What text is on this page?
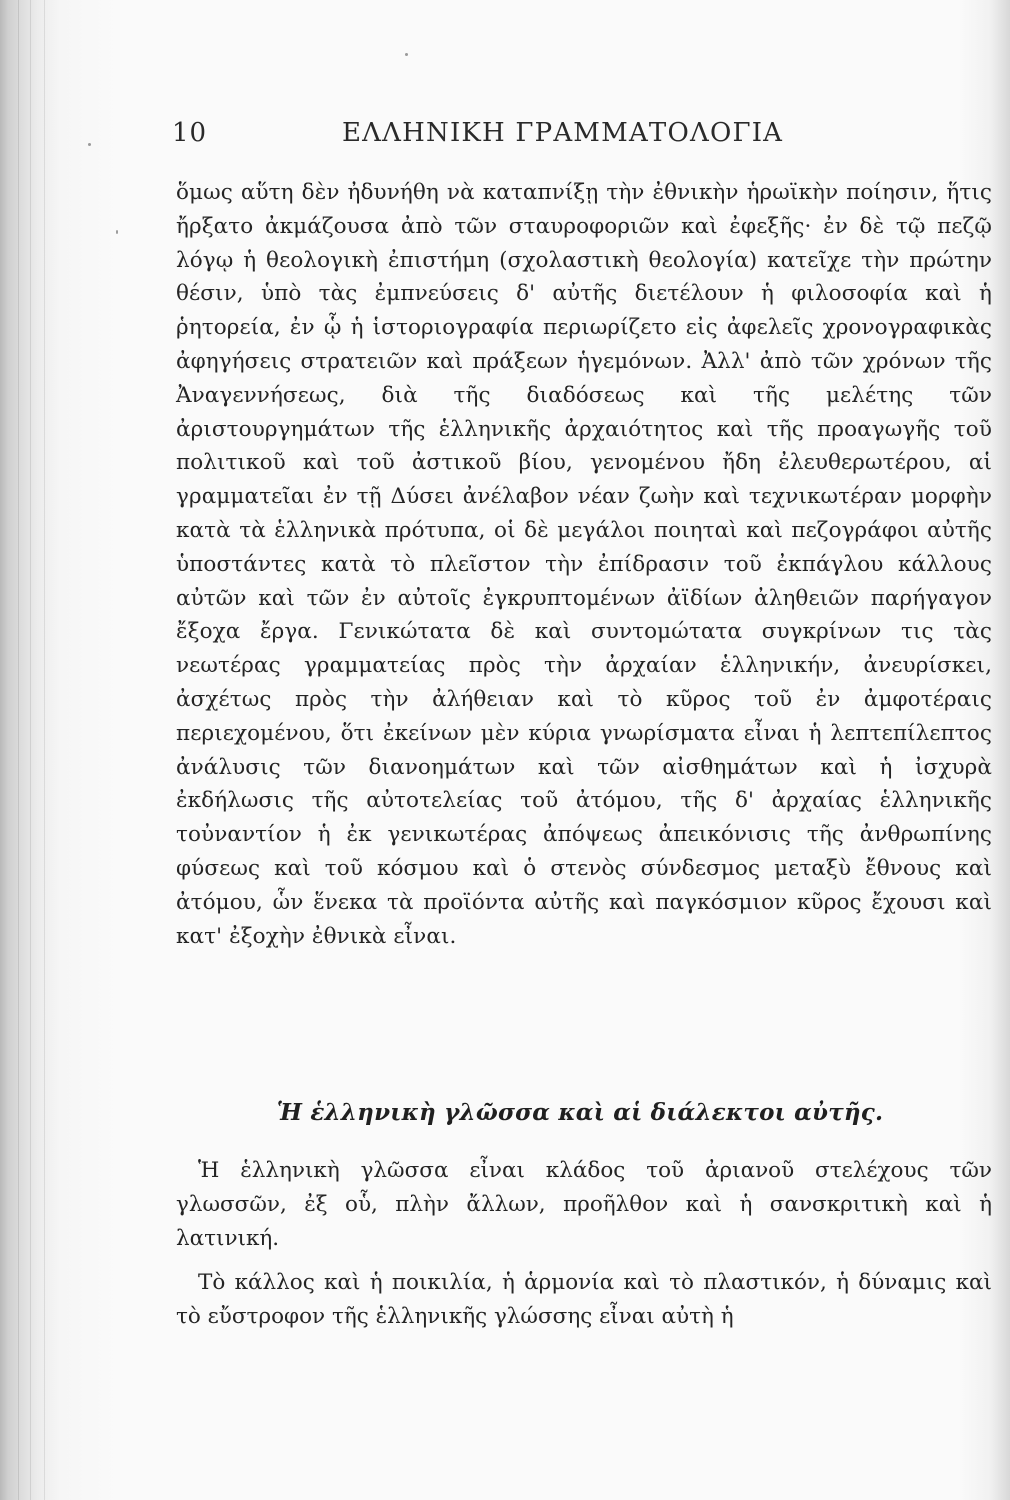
10	ΕΛΛΗΝΙΚΗ ΓΡΑΜΜΑΤΟΛΟΓΙΑ

ὅμως αὕτη δὲν ἠδυνήθη νὰ καταπνίξῃ τὴν ἐθνικὴν ἡρωϊκὴν ποίησιν, ἥτις ἤρξατο ἀκμάζουσα ἀπὸ τῶν σταυροφοριῶν καὶ ἐφεξῆς· ἐν δὲ τῷ πεζῷ λόγῳ ἡ θεολογικὴ ἐπιστήμη (σχολαστικὴ θεολογία) κατεῖχε τὴν πρώτην θέσιν, ὑπὸ τὰς ἐμπνεύσεις δ' αὐτῆς διετέλουν ἡ φιλοσοφία καὶ ἡ ῥητορεία, ἐν ᾧ ἡ ἱστοριογραφία περιωρίζετο εἰς ἀφελεῖς χρονογραφικὰς ἀφηγήσεις στρατειῶν καὶ πράξεων ἡγεμόνων. Ἀλλ' ἀπὸ τῶν χρόνων τῆς Ἀναγεννήσεως, διὰ τῆς διαδόσεως καὶ τῆς μελέτης τῶν ἀριστουργημάτων τῆς ἑλληνικῆς ἀρχαιότητος καὶ τῆς προαγωγῆς τοῦ πολιτικοῦ καὶ τοῦ ἀστικοῦ βίου, γενομένου ἤδη ἐλευθερωτέρου, αἱ γραμματεῖαι ἐν τῇ Δύσει ἀνέλαβον νέαν ζωὴν καὶ τεχνικωτέραν μορφὴν κατὰ τὰ ἑλληνικὰ πρότυπα, οἱ δὲ μεγάλοι ποιηταὶ καὶ πεζογράφοι αὐτῆς ὑποστάντες κατὰ τὸ πλεῖστον τὴν ἐπίδρασιν τοῦ ἐκπάγλου κάλλους αὐτῶν καὶ τῶν ἐν αὐτοῖς ἐγκρυπτομένων ἀϊδίων ἀληθειῶν παρήγαγον ἔξοχα ἔργα. Γενικώτατα δὲ καὶ συντομώτατα συγκρίνων τις τὰς νεωτέρας γραμματείας πρὸς τὴν ἀρχαίαν ἑλληνικήν, ἀνευρίσκει, ἀσχέτως πρὸς τὴν ἀλήθειαν καὶ τὸ κῦρος τοῦ ἐν ἀμφοτέραις περιεχομένου, ὅτι ἐκείνων μὲν κύρια γνωρίσματα εἶναι ἡ λεπτεπίλεπτος ἀνάλυσις τῶν διανοημάτων καὶ τῶν αἰσθημάτων καὶ ἡ ἰσχυρὰ ἐκδήλωσις τῆς αὐτοτελείας τοῦ ἀτόμου, τῆς δ' ἀρχαίας ἑλληνικῆς τοὐναντίον ἡ ἐκ γενικωτέρας ἀπόψεως ἀπεικόνισις τῆς ἀνθρωπίνης φύσεως καὶ τοῦ κόσμου καὶ ὁ στενὸς σύνδεσμος μεταξὺ ἔθνους καὶ ἀτόμου, ὧν ἕνεκα τὰ προϊόντα αὐτῆς καὶ παγκόσμιον κῦρος ἔχουσι καὶ κατ' ἐξοχὴν ἐθνικὰ εἶναι.

Ἡ ἑλληνικὴ γλῶσσα καὶ αἱ διάλεκτοι αὐτῆς.

Ἡ ἑλληνικὴ γλῶσσα εἶναι κλάδος τοῦ ἀριανοῦ στελέχους τῶν γλωσσῶν, ἐξ οὗ, πλὴν ἄλλων, προῆλθον καὶ ἡ σανσκριτικὴ καὶ ἡ λατινική.

Τὸ κάλλος καὶ ἡ ποικιλία, ἡ ἁρμονία καὶ τὸ πλαστικόν, ἡ δύναμις καὶ τὸ εὔστροφον τῆς ἑλληνικῆς γλώσσης εἶναι αὐτὴ ἡ
